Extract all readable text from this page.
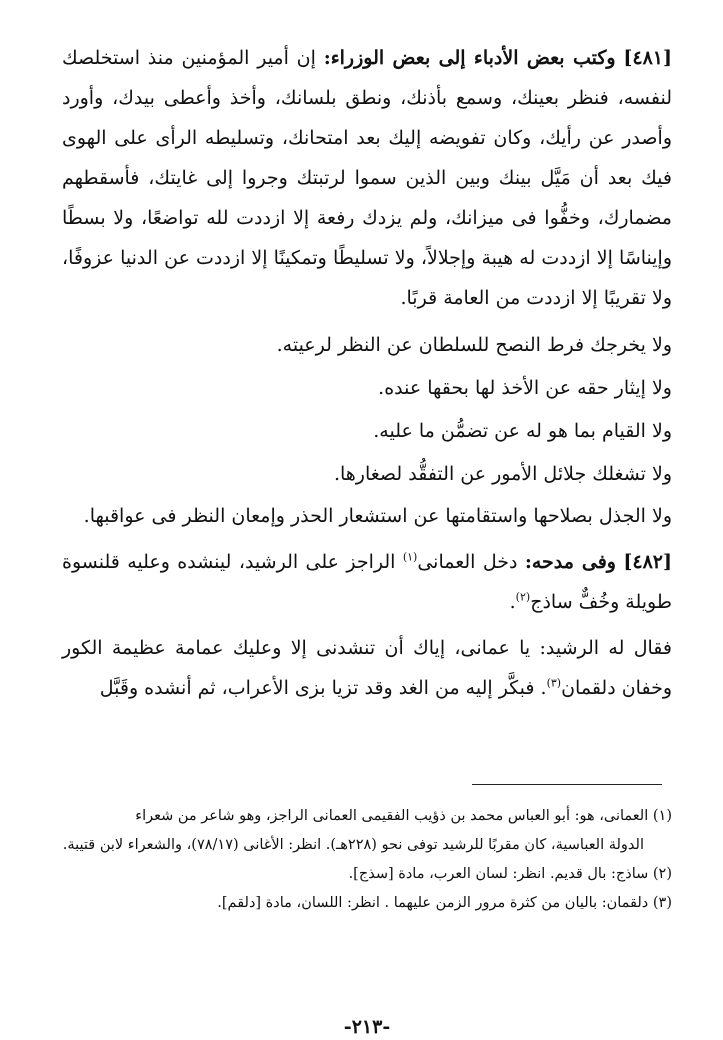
[٤٨١] وكتب بعض الأدباء إلى بعض الوزراء: إن أمير المؤمنين منذ استخلصك لنفسه، فنظر بعينك، وسمع بأذنك، ونطق بلسانك، وأخذ وأعطى بيدك، وأورد وأصدر عن رأيك، وكان تفويضه إليك بعد امتحانك، وتسليطه الرأى على الهوى فيك بعد أن مَيَّل بينك وبين الذين سموا لرتبتك وجروا إلى غايتك، فأسقطهم مضمارك، وخفُّوا فى ميزانك، ولم يزدك رفعة إلا ازددت لله تواضعًا، ولا بسطًا وإيناسًا إلا ازددت له هيبة وإجلالاً، ولا تسليطًا وتمكينًا إلا ازددت عن الدنيا عزوفًا، ولا تقريبًا إلا ازددت من العامة قربًا.

ولا يخرجك فرط النصح للسلطان عن النظر لرعيته.

ولا إيثار حقه عن الأخذ لها بحقها عنده.

ولا القيام بما هو له عن تضمُّن ما عليه.

ولا تشغلك جلائل الأمور عن التفقُّد لصغارها.

ولا الجذل بصلاحها واستقامتها عن استشعار الحذر وإمعان النظر فى عواقبها.

[٤٨٢] وفى مدحه: دخل العمانى$^{(١)}$ الراجز على الرشيد، لينشده وعليه قلنسوة طويلة وخُفٌّ ساذج$^{(٢)}$.

فقال له الرشيد: يا عمانى، إياك أن تنشدنى إلا وعليك عمامة عظيمة الكور وخفان دلقمان$^{(٣)}$. فبكَّر إليه من الغد وقد تزيا بزى الأعراب، ثم أنشده وقَبَّل

(١) العمانى، هو: أبو العباس محمد بن ذؤيب الفقيمى العمانى الراجز، وهو شاعر من شعراء
الدولة العباسية، كان مقربًا للرشيد توفى نحو (٢٢٨هـ). انظر: الأغانى (٧٨/١٧)، والشعراء لابن قتيبة.

(٢) ساذج: بال قديم. انظر: لسان العرب، مادة [سذج].

(٣) دلقمان: باليان من كثرة مرور الزمن عليهما . انظر: اللسان، مادة [دلقم].

-٢١٣-
